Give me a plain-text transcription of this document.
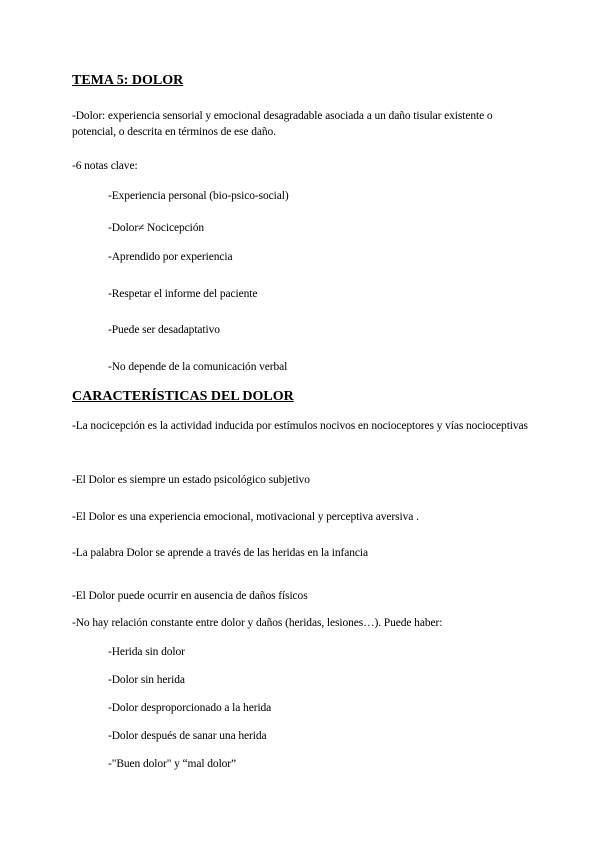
TEMA 5: DOLOR
-Dolor: experiencia sensorial y emocional desagradable asociada a un daño tisular existente o potencial, o descrita en términos de ese daño.
-6 notas clave:
-Experiencia personal (bio-psico-social)
-Dolor≠ Nocicepción
-Aprendido por experiencia
-Respetar el informe del paciente
-Puede ser desadaptativo
-No depende de la comunicación verbal
CARACTERÍSTICAS DEL DOLOR
-La nocicepción es la actividad inducida por estímulos nocivos en nocioceptores y vías nocioceptivas
-El Dolor es siempre un estado psicológico subjetivo
-El Dolor es una experiencia emocional, motivacional y perceptiva aversiva .
-La palabra Dolor se aprende a través de las heridas en la infancia
-El Dolor puede ocurrir en ausencia de daños físicos
-No hay relación constante entre dolor y daños (heridas, lesiones…). Puede haber:
-Herida sin dolor
-Dolor sin herida
-Dolor desproporcionado a la herida
-Dolor después de sanar una herida
-"Buen dolor" y “mal dolor”
